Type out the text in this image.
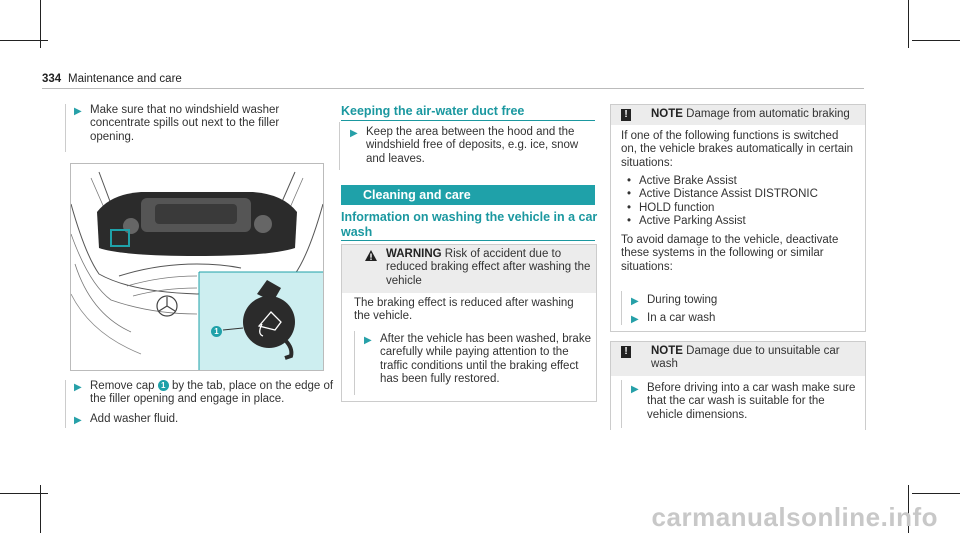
334 Maintenance and care
▶ Make sure that no windshield washer concentrate spills out next to the filler opening.
1
▶ Remove cap 1 by the tab, place on the edge of the filler opening and engage in place.
▶ Add washer fluid.
Keeping the air-water duct free
▶ Keep the area between the hood and the windshield free of deposits, e.g. ice, snow and leaves.
Cleaning and care
Information on washing the vehicle in a car
wash
WARNING Risk of accident due to
reduced braking effect after washing the
vehicle
The braking effect is reduced after washing the vehicle.
▶ After the vehicle has been washed, brake carefully while paying attention to the traffic conditions until the braking effect has been fully restored.
! NOTE Damage from automatic braking
If one of the following functions is switched on, the vehicle brakes automatically in certain situations:
• Active Brake Assist
• Active Distance Assist DISTRONIC
• HOLD function
• Active Parking Assist
To avoid damage to the vehicle, deactivate these systems in the following or similar situations:
▶ During towing
▶ In a car wash
! NOTE Damage due to unsuitable car
wash
▶ Before driving into a car wash make sure that the car wash is suitable for the vehicle dimensions.
carmanualsonline.info
